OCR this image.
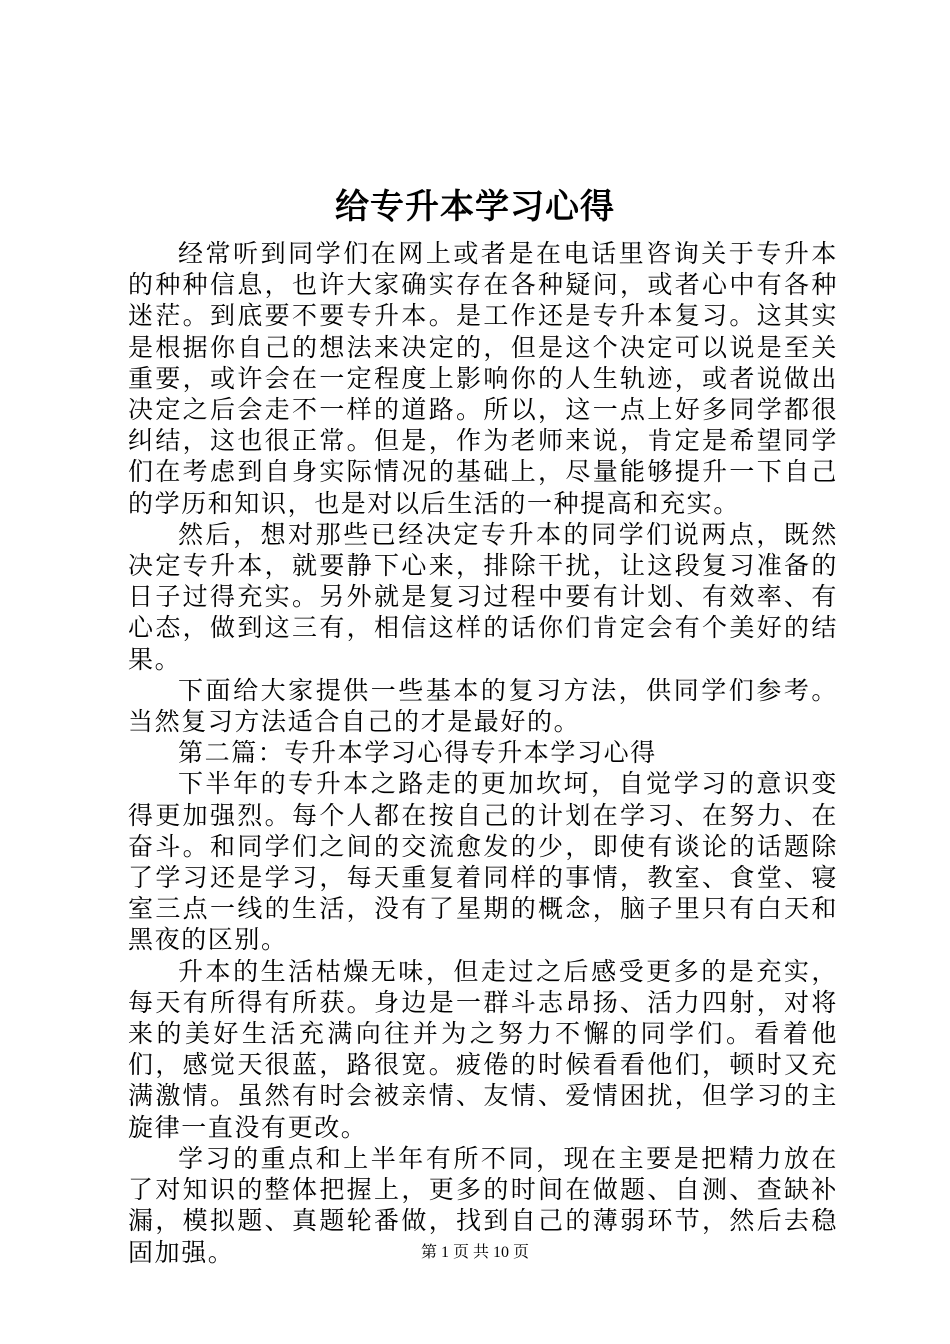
给专升本学习心得

经常听到同学们在网上或者是在电话里咨询关于专升本的种种信息，也许大家确实存在各种疑问，或者心中有各种迷茫。到底要不要专升本。是工作还是专升本复习。这其实是根据你自己的想法来决定的，但是这个决定可以说是至关重要，或许会在一定程度上影响你的人生轨迹，或者说做出决定之后会走不一样的道路。所以，这一点上好多同学都很纠结，这也很正常。但是，作为老师来说，肯定是希望同学们在考虑到自身实际情况的基础上，尽量能够提升一下自己的学历和知识，也是对以后生活的一种提高和充实。

然后，想对那些已经决定专升本的同学们说两点，既然决定专升本，就要静下心来，排除干扰，让这段复习准备的日子过得充实。另外就是复习过程中要有计划、有效率、有心态，做到这三有，相信这样的话你们肯定会有个美好的结果。

下面给大家提供一些基本的复习方法，供同学们参考。当然复习方法适合自己的才是最好的。

第二篇：专升本学习心得专升本学习心得

下半年的专升本之路走的更加坎坷，自觉学习的意识变得更加强烈。每个人都在按自己的计划在学习、在努力、在奋斗。和同学们之间的交流愈发的少，即使有谈论的话题除了学习还是学习，每天重复着同样的事情，教室、食堂、寝室三点一线的生活，没有了星期的概念，脑子里只有白天和黑夜的区别。

升本的生活枯燥无味，但走过之后感受更多的是充实，每天有所得有所获。身边是一群斗志昂扬、活力四射，对将来的美好生活充满向往并为之努力不懈的同学们。看着他们，感觉天很蓝，路很宽。疲倦的时候看看他们，顿时又充满激情。虽然有时会被亲情、友情、爱情困扰，但学习的主旋律一直没有更改。

学习的重点和上半年有所不同，现在主要是把精力放在了对知识的整体把握上，更多的时间在做题、自测、查缺补漏，模拟题、真题轮番做，找到自己的薄弱环节，然后去稳固加强。	第 1 页 共 10 页
